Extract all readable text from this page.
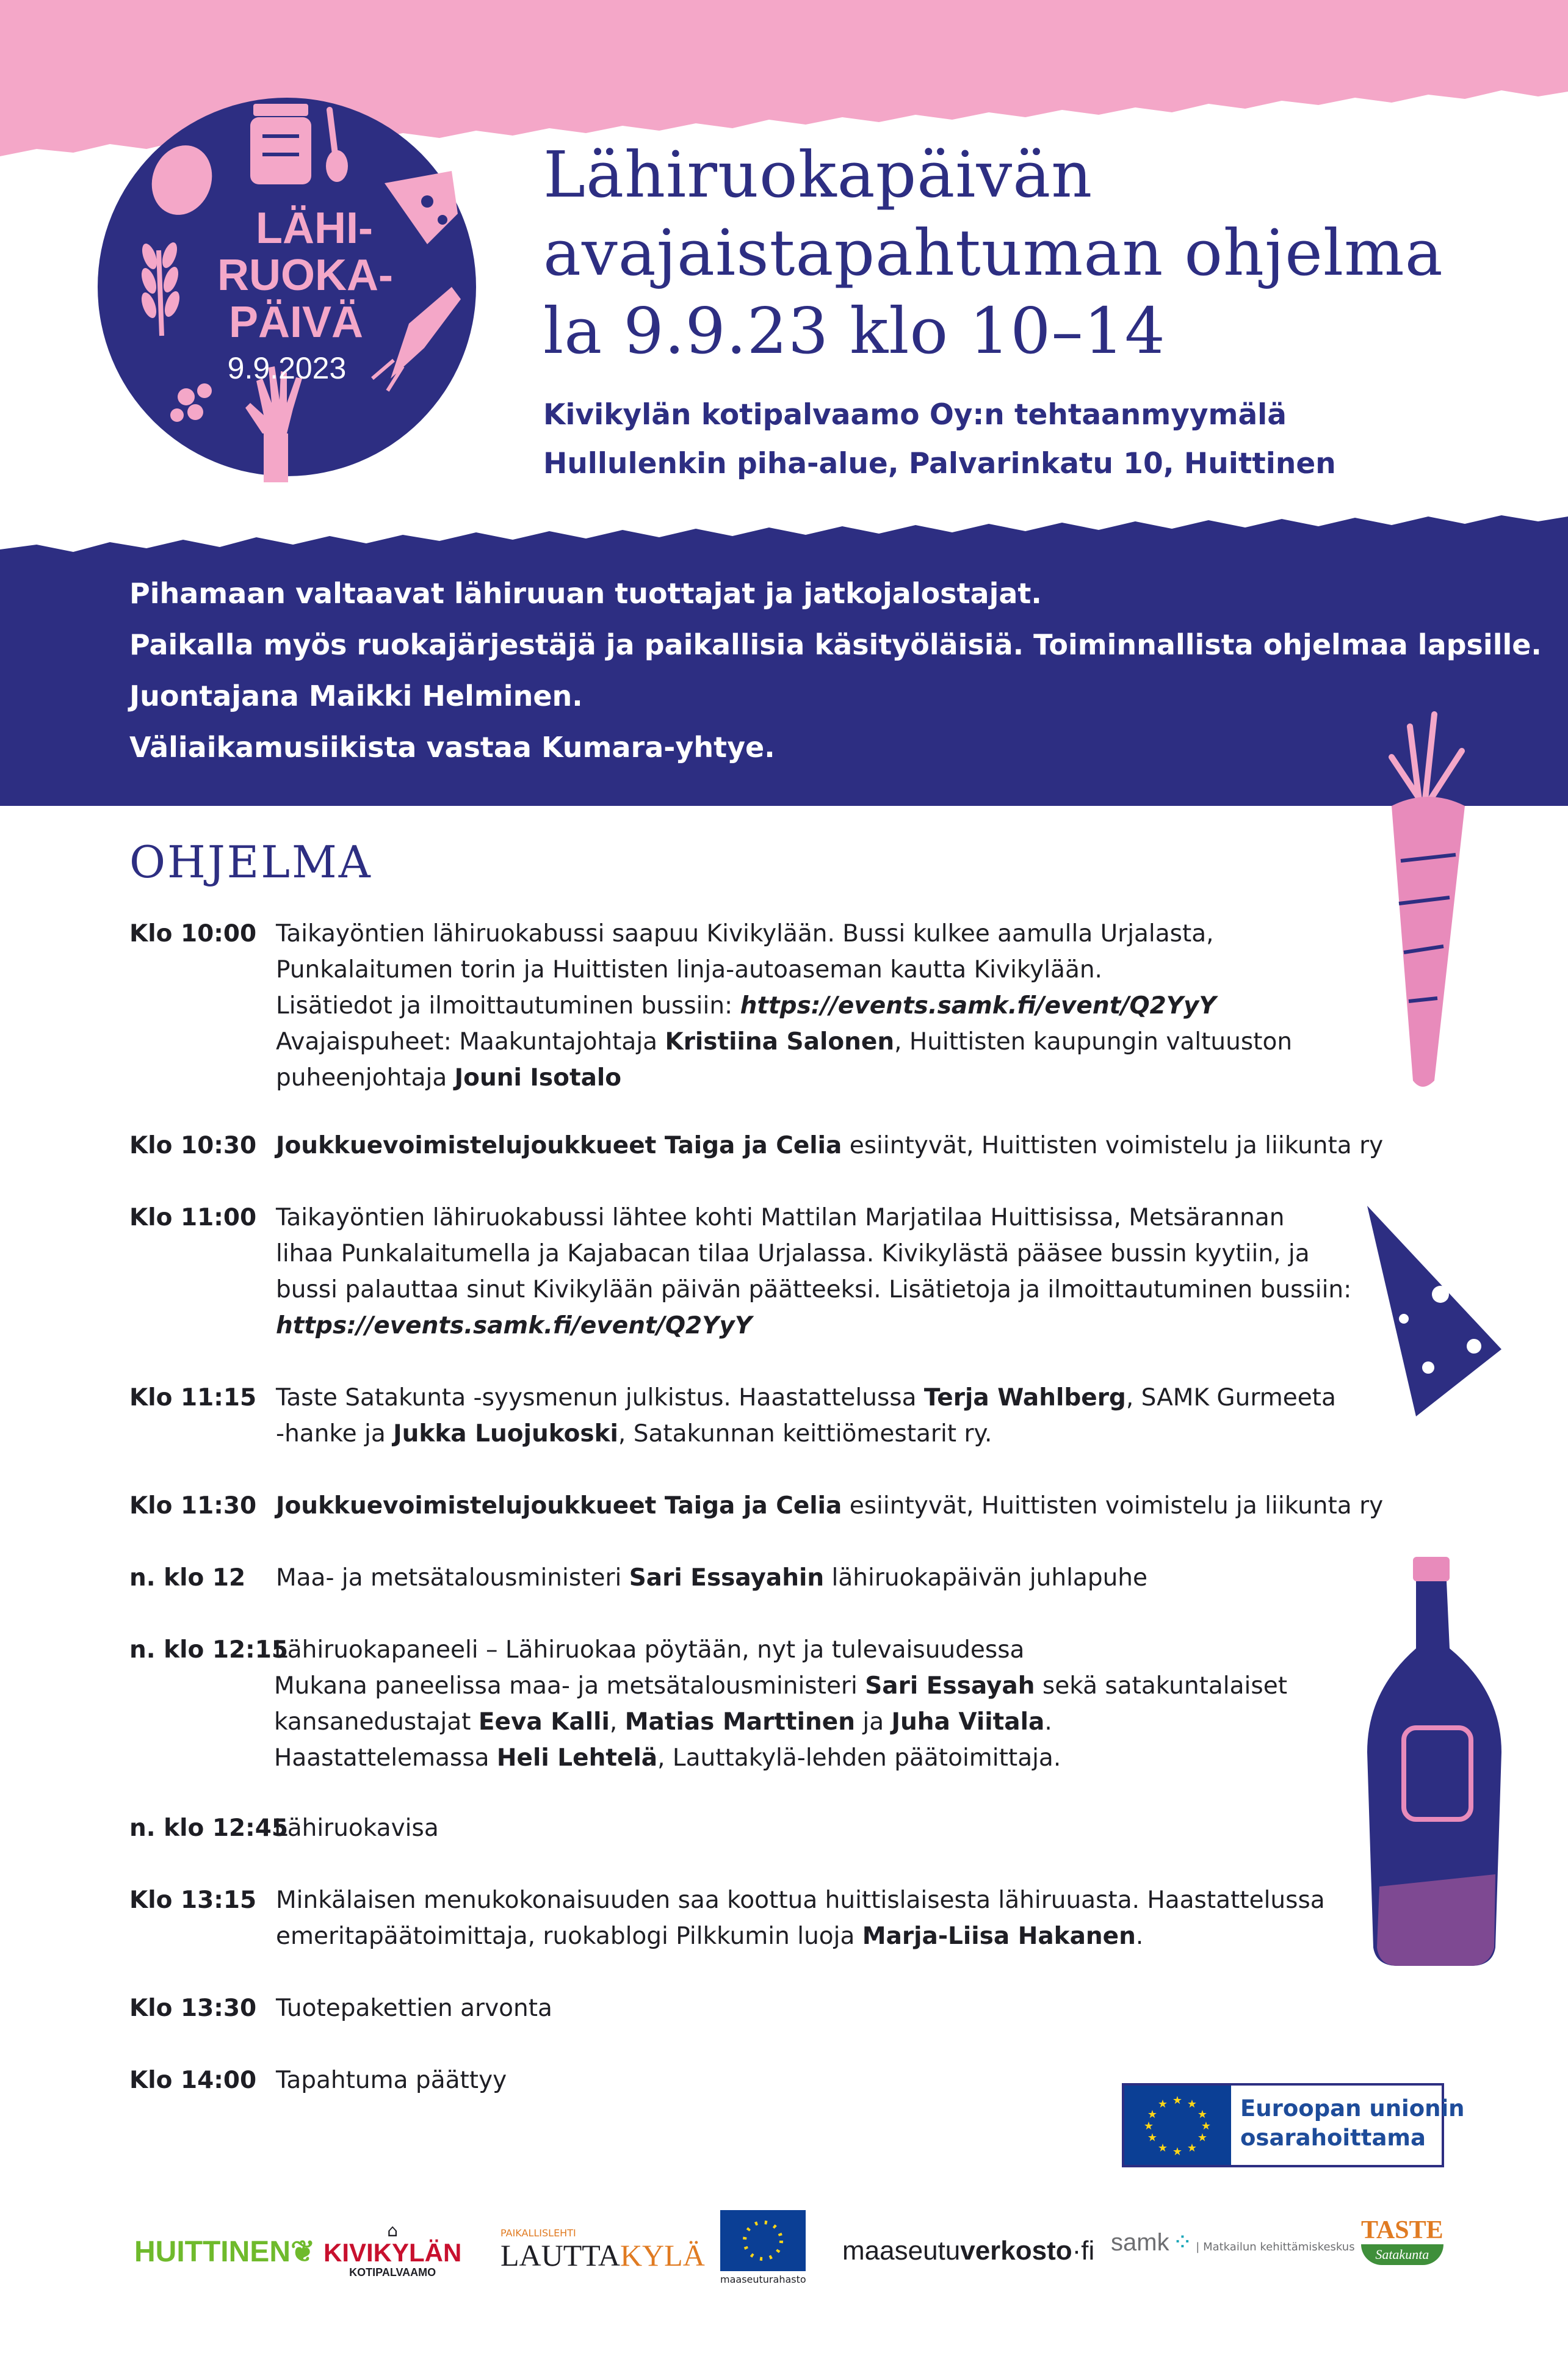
LÄHI-
RUOKA-
PÄIVÄ
9.9.2023
Lähiruokapäivän
avajaistapahtuman ohjelma
la 9.9.23 klo 10–14
Kivikylän kotipalvaamo Oy:n tehtaanmyymälä
Hullulenkin piha-alue, Palvarinkatu 10, Huittinen
Pihamaan valtaavat lähiruuan tuottajat ja jatkojalostajat.
Paikalla myös ruokajärjestäjä ja paikallisia käsityöläisiä. Toiminnallista ohjelmaa lapsille.
Juontajana Maikki Helminen.
Väliaikamusiikista vastaa Kumara-yhtye.
OHJELMA
Klo 10:00 Taikayöntien lähiruokabussi saapuu Kivikylään. Bussi kulkee aamulla Urjalasta,
Punkalaitumen torin ja Huittisten linja-autoaseman kautta Kivikylään.
Lisätiedot ja ilmoittautuminen bussiin: https://events.samk.fi/event/Q2YyY
Avajaispuheet: Maakuntajohtaja Kristiina Salonen, Huittisten kaupungin valtuuston
puheenjohtaja Jouni Isotalo
Klo 10:30 Joukkuevoimistelujoukkueet Taiga ja Celia esiintyvät, Huittisten voimistelu ja liikunta ry
Klo 11:00 Taikayöntien lähiruokabussi lähtee kohti Mattilan Marjatilaa Huittisissa, Metsärannan
lihaa Punkalaitumella ja Kajabacan tilaa Urjalassa. Kivikylästä pääsee bussin kyytiin, ja
bussi palauttaa sinut Kivikylään päivän päätteeksi. Lisätietoja ja ilmoittautuminen bussiin:
https://events.samk.fi/event/Q2YyY
Klo 11:15 Taste Satakunta -syysmenun julkistus. Haastattelussa Terja Wahlberg, SAMK Gurmeeta
-hanke ja Jukka Luojukoski, Satakunnan keittiömestarit ry.
Klo 11:30 Joukkuevoimistelujoukkueet Taiga ja Celia esiintyvät, Huittisten voimistelu ja liikunta ry
n. klo 12	Maa- ja metsätalousministeri Sari Essayahin lähiruokapäivän juhlapuhe
n. klo 12:15
Lähiruokapaneeli – Lähiruokaa pöytään, nyt ja tulevaisuudessa
Mukana paneelissa maa- ja metsätalousministeri Sari Essayah sekä satakuntalaiset
kansanedustajat Eeva Kalli, Matias Marttinen ja Juha Viitala.
Haastattelemassa Heli Lehtelä, Lauttakylä-lehden päätoimittaja.
n. klo 12:45
Lähiruokavisa
Klo 13:15 Minkälaisen menukokonaisuuden saa koottua huittislaisesta lähiruuasta. Haastattelussa
emeritapäätoimittaja, ruokablogi Pilkkumin luoja Marja-Liisa Hakanen.
Klo 13:30 Tuotepakettien arvonta
Klo 14:00 Tapahtuma päättyy
★ ★
★
★
★
★
★
★
★
★
★
★	Euroopan unionin
osarahoittama
HUITTINEN❦
⌂
KIVIKYLÄN
KOTIPALVAAMO
PAIKALLISLEHTI
LAUTTAKYLÄ
maaseuturahasto
maaseutuverkosto·fi samk ⁘ | Matkailun kehittämiskeskus
TASTE
Satakunta
